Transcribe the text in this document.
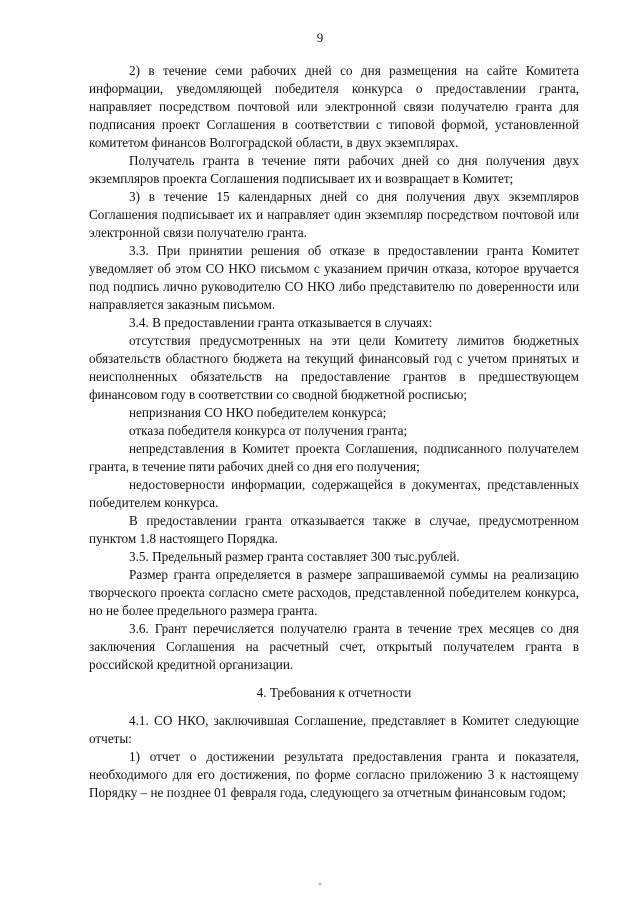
9

2) в течение семи рабочих дней со дня размещения на сайте Комитета информации, уведомляющей победителя конкурса о предоставлении гранта, направляет посредством почтовой или электронной связи получателю гранта для подписания проект Соглашения в соответствии с типовой формой, установленной комитетом финансов Волгоградской области, в двух экземплярах.

Получатель гранта в течение пяти рабочих дней со дня получения двух экземпляров проекта Соглашения подписывает их и возвращает в Комитет;

3) в течение 15 календарных дней со дня получения двух экземпляров Соглашения подписывает их и направляет один экземпляр посредством почтовой или электронной связи получателю гранта.

3.3. При принятии решения об отказе в предоставлении гранта Комитет уведомляет об этом СО НКО письмом с указанием причин отказа, которое вручается под подпись лично руководителю СО НКО либо представителю по доверенности или направляется заказным письмом.

3.4. В предоставлении гранта отказывается в случаях:

отсутствия предусмотренных на эти цели Комитету лимитов бюджетных обязательств областного бюджета на текущий финансовый год с учетом принятых и неисполненных обязательств на предоставление грантов в предшествующем финансовом году в соответствии со сводной бюджетной росписью;

непризнания СО НКО победителем конкурса;

отказа победителя конкурса от получения гранта;

непредставления в Комитет проекта Соглашения, подписанного получателем гранта, в течение пяти рабочих дней со дня его получения;

недостоверности информации, содержащейся в документах, представленных победителем конкурса.

В предоставлении гранта отказывается также в случае, предусмотренном пунктом 1.8 настоящего Порядка.

3.5. Предельный размер гранта составляет 300 тыс.рублей.

Размер гранта определяется в размере запрашиваемой суммы на реализацию творческого проекта согласно смете расходов, представленной победителем конкурса, но не более предельного размера гранта.

3.6. Грант перечисляется получателю гранта в течение трех месяцев со дня заключения Соглашения на расчетный счет, открытый получателем гранта в российской кредитной организации.

4. Требования к отчетности

4.1. СО НКО, заключившая Соглашение, представляет в Комитет следующие отчеты:

1) отчет о достижении результата предоставления гранта и показателя, необходимого для его достижения, по форме согласно приложению 3 к настоящему Порядку – не позднее 01 февраля года, следующего за отчетным финансовым годом;
